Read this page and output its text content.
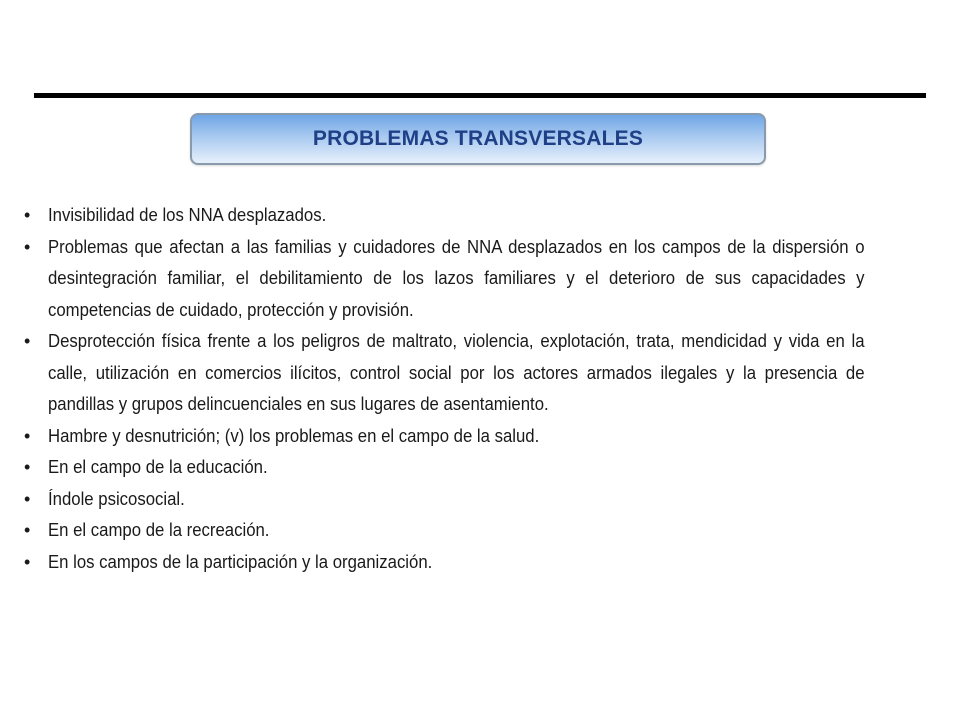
PROBLEMAS TRANSVERSALES
• Invisibilidad de los NNA desplazados.
• Problemas que afectan a las familias y cuidadores de NNA desplazados en los campos de la dispersión o desintegración familiar, el debilitamiento de los lazos familiares y el deterioro de sus capacidades y competencias de cuidado, protección y provisión.
• Desprotección física frente a los peligros de maltrato, violencia, explotación, trata, mendicidad y vida en la calle, utilización en comercios ilícitos, control social por los actores armados ilegales y la presencia de pandillas y grupos delincuenciales en sus lugares de asentamiento.
• Hambre y desnutrición; (v) los problemas en el campo de la salud.
• En el campo de la educación.
• Índole psicosocial.
• En el campo de la recreación.
• En los campos de la participación y la organización.
